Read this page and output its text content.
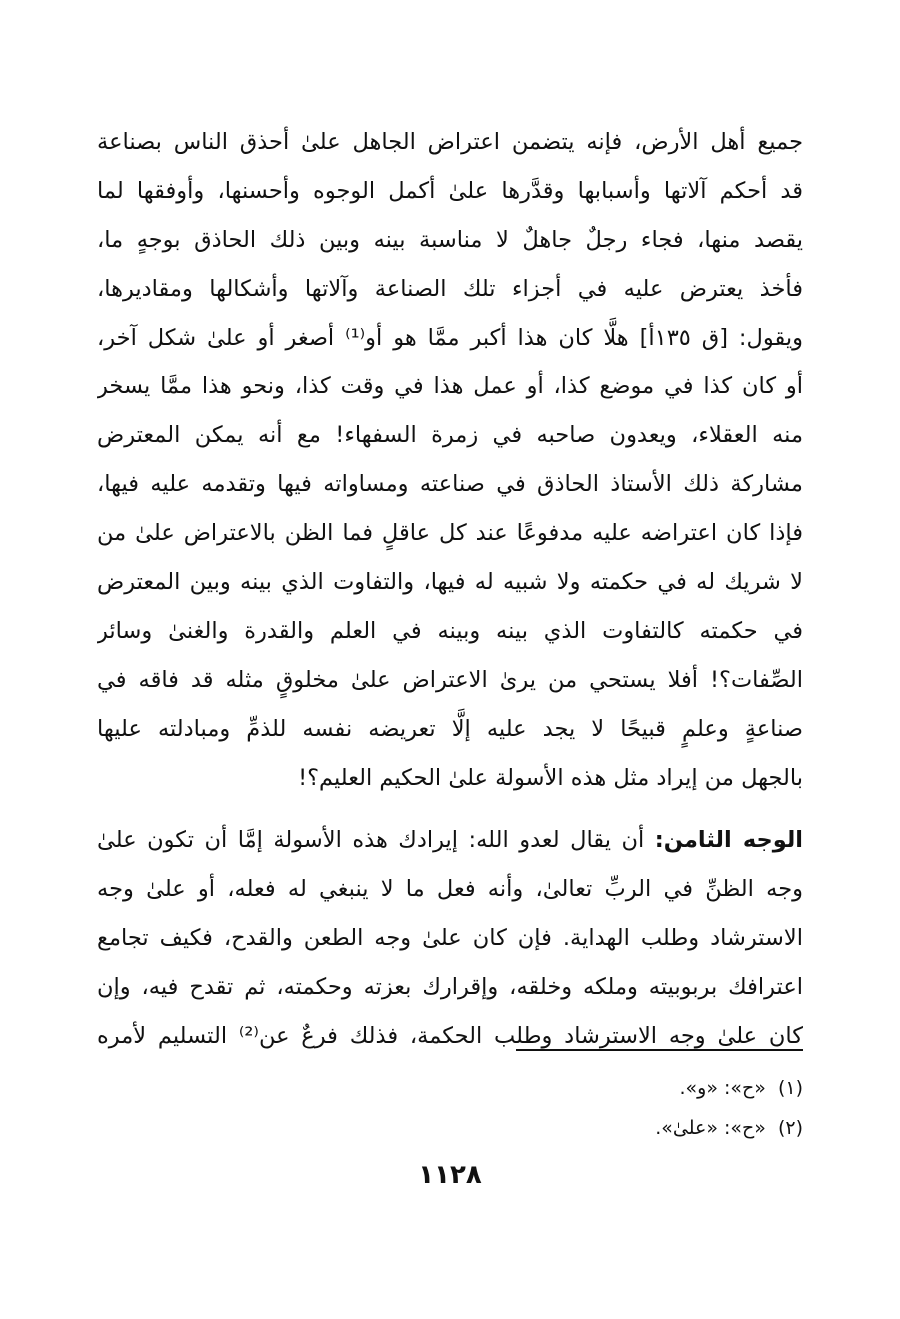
جميع أهل الأرض، فإنه يتضمن اعتراض الجاهل علىٰ أحذق الناس بصناعة
قد أحكم آلاتها وأسبابها وقدَّرها علىٰ أكمل الوجوه وأحسنها، وأوفقها لما
يقصد منها، فجاء رجلٌ جاهلٌ لا مناسبة بينه وبين ذلك الحاذق بوجهٍ ما،
فأخذ يعترض عليه في أجزاء تلك الصناعة وآلاتها وأشكالها ومقاديرها،
ويقول: [ق ١٣٥أ] هلَّا كان هذا أكبر ممَّا هو أو⁽¹⁾ أصغر أو علىٰ شكل آخر،
أو كان كذا في موضع كذا، أو عمل هذا في وقت كذا، ونحو هذا ممَّا يسخر
منه العقلاء، ويعدون صاحبه في زمرة السفهاء! مع أنه يمكن المعترض
مشاركة ذلك الأستاذ الحاذق في صناعته ومساواته فيها وتقدمه عليه فيها،
فإذا كان اعتراضه عليه مدفوعًا عند كل عاقلٍ فما الظن بالاعتراض علىٰ من
لا شريك له في حكمته ولا شبيه له فيها، والتفاوت الذي بينه وبين المعترض
في حكمته كالتفاوت الذي بينه وبينه في العلم والقدرة والغنىٰ وسائر
الصِّفات؟! أفلا يستحي من يرىٰ الاعتراض علىٰ مخلوقٍ مثله قد فاقه في
صناعةٍ وعلمٍ قبيحًا لا يجد عليه إلَّا تعريضه نفسه للذمِّ ومبادلته عليها
بالجهل من إيراد مثل هذه الأسولة علىٰ الحكيم العليم؟!
الوجه الثامن: أن يقال لعدو الله: إيرادك هذه الأسولة إمَّا أن تكون علىٰ
وجه الظنِّ في الربِّ تعالىٰ، وأنه فعل ما لا ينبغي له فعله، أو علىٰ وجه
الاسترشاد وطلب الهداية. فإن كان علىٰ وجه الطعن والقدح، فكيف تجامع
اعترافك بربوبيته وملكه وخلقه، وإقرارك بعزته وحكمته، ثم تقدح فيه، وإن
كان علىٰ وجه الاسترشاد وطلب الحكمة، فذلك فرعٌ عن⁽²⁾ التسليم لأمره
(١)«ح»: «و».
(٢)«ح»: «علىٰ».
١١٢٨
